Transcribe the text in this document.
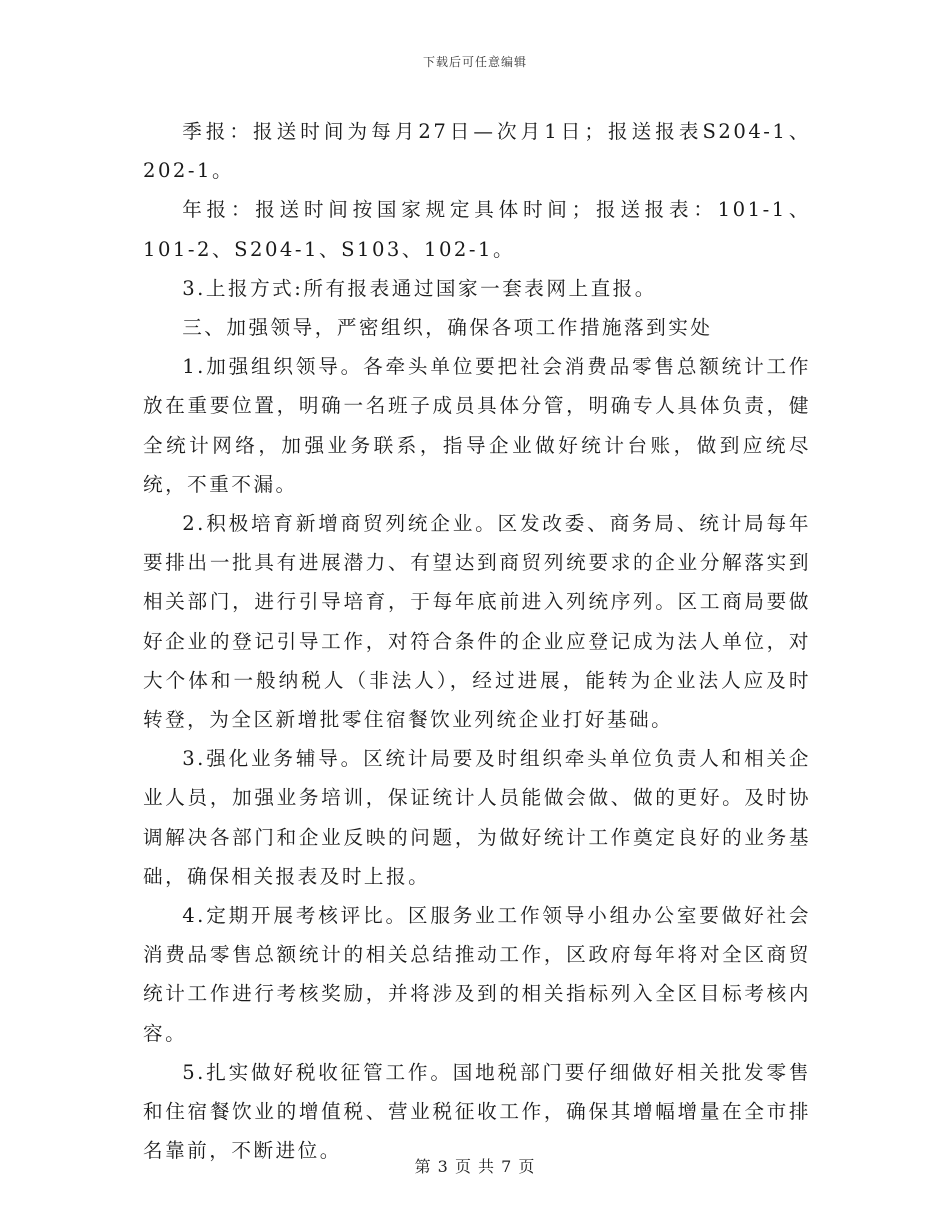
下载后可任意编辑

季报：报送时间为每月27日—次月1日；报送报表S204-1、202-1。

年报：报送时间按国家规定具体时间；报送报表：101-1、101-2、S204-1、S103、102-1。

3.上报方式:所有报表通过国家一套表网上直报。

三、加强领导，严密组织，确保各项工作措施落到实处

1.加强组织领导。各牵头单位要把社会消费品零售总额统计工作放在重要位置，明确一名班子成员具体分管，明确专人具体负责，健全统计网络，加强业务联系，指导企业做好统计台账，做到应统尽统，不重不漏。

2.积极培育新增商贸列统企业。区发改委、商务局、统计局每年要排出一批具有进展潜力、有望达到商贸列统要求的企业分解落实到相关部门，进行引导培育，于每年底前进入列统序列。区工商局要做好企业的登记引导工作，对符合条件的企业应登记成为法人单位，对大个体和一般纳税人（非法人），经过进展，能转为企业法人应及时转登，为全区新增批零住宿餐饮业列统企业打好基础。

3.强化业务辅导。区统计局要及时组织牵头单位负责人和相关企业人员，加强业务培训，保证统计人员能做会做、做的更好。及时协调解决各部门和企业反映的问题，为做好统计工作奠定良好的业务基础，确保相关报表及时上报。

4.定期开展考核评比。区服务业工作领导小组办公室要做好社会消费品零售总额统计的相关总结推动工作，区政府每年将对全区商贸统计工作进行考核奖励，并将涉及到的相关指标列入全区目标考核内容。

5.扎实做好税收征管工作。国地税部门要仔细做好相关批发零售和住宿餐饮业的增值税、营业税征收工作，确保其增幅增量在全市排名靠前，不断进位。

第 3 页 共 7 页
